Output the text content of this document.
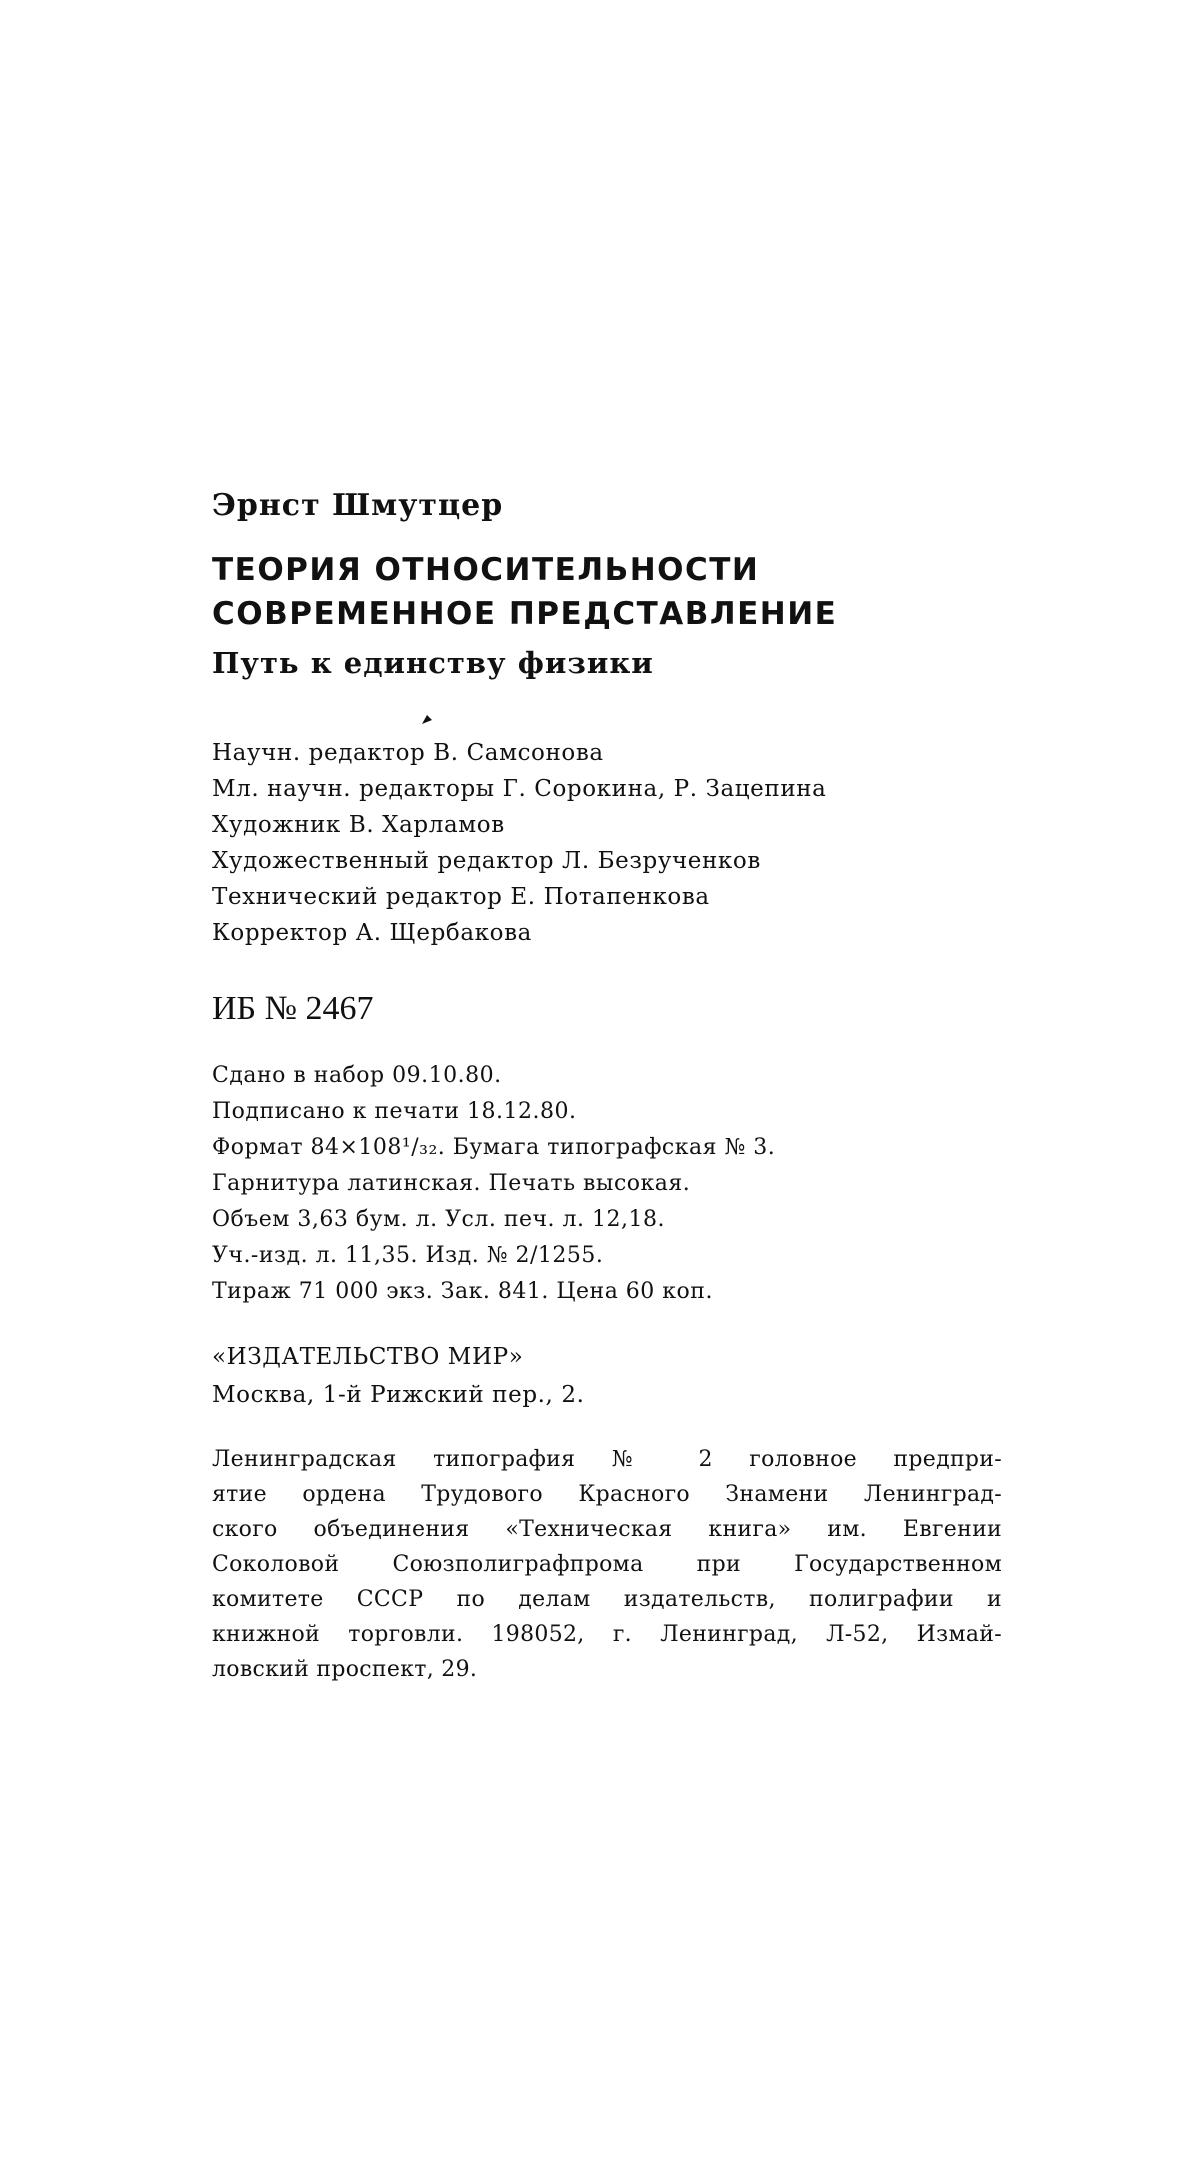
Эрнст Шмутцер
ТЕОРИЯ ОТНОСИТЕЛЬНОСТИ
СОВРЕМЕННОЕ ПРЕДСТАВЛЕНИЕ
Путь к единству физики
Научн. редактор В. Самсонова
Мл. научн. редакторы Г. Сорокина, Р. Зацепина
Художник В. Харламов
Художественный редактор Л. Безрученков
Технический редактор Е. Потапенкова
Корректор А. Щербакова
ИБ № 2467
Сдано в набор 09.10.80.
Подписано к печати 18.12.80.
Формат 84×108¹/₃₂. Бумага типографская № 3.
Гарнитура латинская. Печать высокая.
Объем 3,63 бум. л. Усл. печ. л. 12,18.
Уч.-изд. л. 11,35. Изд. № 2/1255.
Тираж 71 000 экз. Зак. 841. Цена 60 коп.
«ИЗДАТЕЛЬСТВО МИР»
Москва, 1-й Рижский пер., 2.
Ленинградская типография № 2 головное предпри-
ятие ордена Трудового Красного Знамени Ленинград-
ского объединения «Техническая книга» им. Евгении
Соколовой Союзполиграфпрома при Государственном
комитете СССР по делам издательств, полиграфии и
книжной торговли. 198052, г. Ленинград, Л-52, Измай-
ловский проспект, 29.
